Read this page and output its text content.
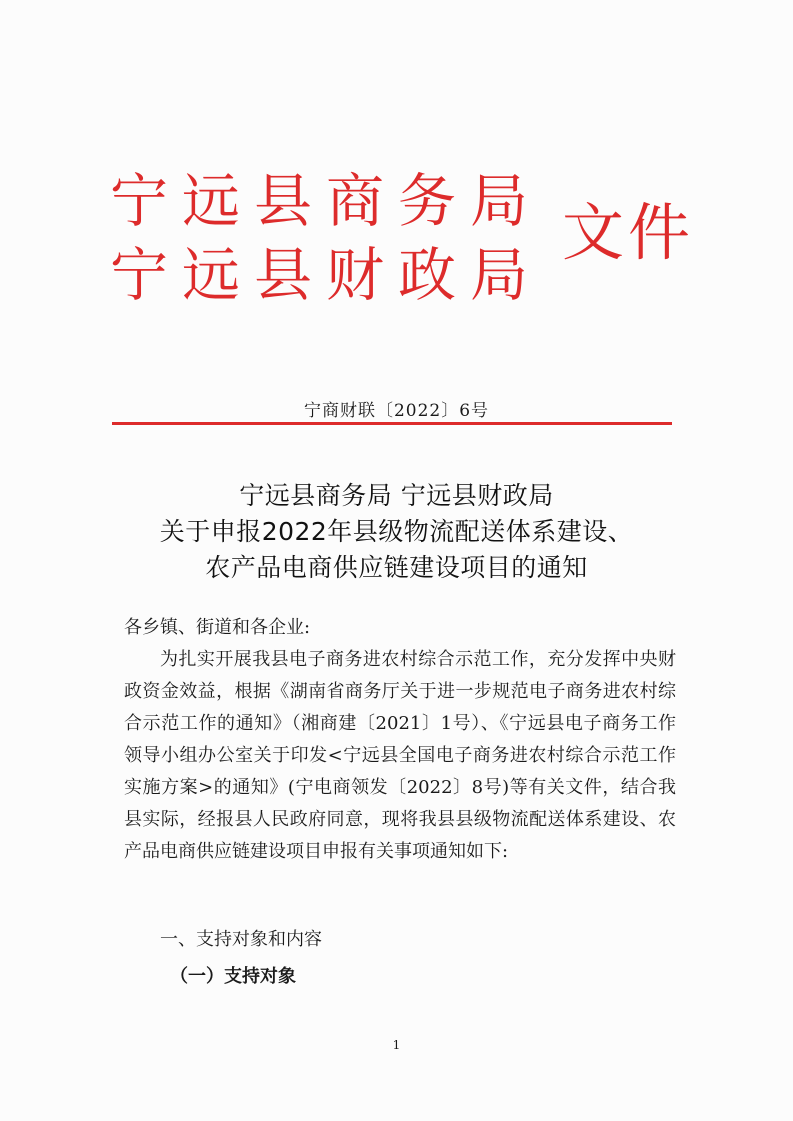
宁远县商务局
宁远县财政局
文件
宁商财联〔2022〕6号
宁远县商务局 宁远县财政局
关于申报2022年县级物流配送体系建设、
农产品电商供应链建设项目的通知
各乡镇、街道和各企业:
为扎实开展我县电子商务进农村综合示范工作，充分发挥中央财政资金效益，根据《湖南省商务厅关于进一步规范电子商务进农村综合示范工作的通知》（湘商建〔2021〕1号）、《宁远县电子商务工作领导小组办公室关于印发<宁远县全国电子商务进农村综合示范工作实施方案>的通知》(宁电商领发〔2022〕8号)等有关文件，结合我县实际，经报县人民政府同意，现将我县县级物流配送体系建设、农产品电商供应链建设项目申报有关事项通知如下:
一、支持对象和内容
（一）支持对象
1
